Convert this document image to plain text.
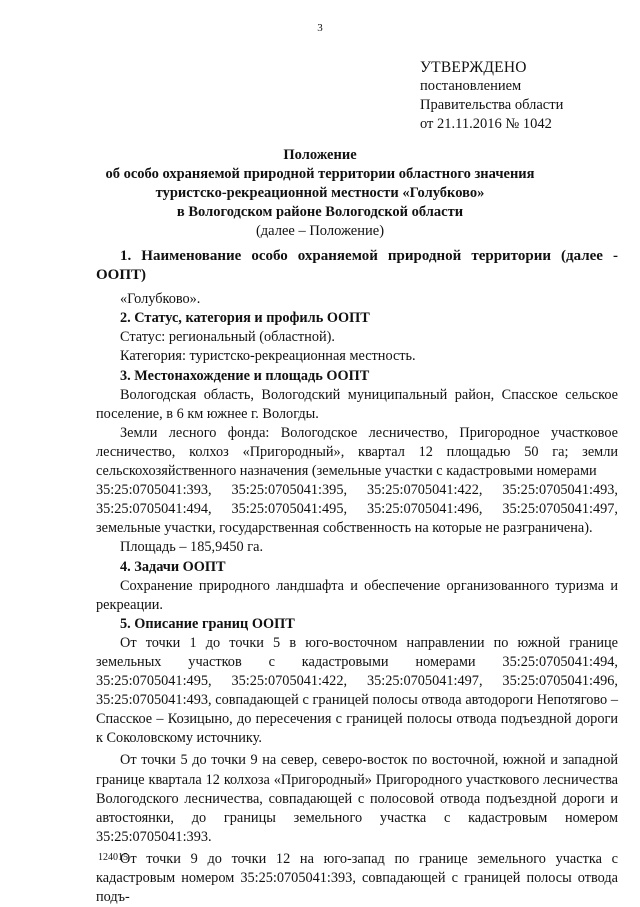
3
УТВЕРЖДЕНО
постановлением
Правительства области
от 21.11.2016 № 1042
Положение
об особо охраняемой природной территории областного значения
туристско-рекреационной местности «Голубково»
в Вологодском районе Вологодской области
(далее – Положение)

1. Наименование особо охраняемой природной территории (далее - ООПТ)

«Голубково».

2. Статус, категория и профиль ООПТ

Статус: региональный (областной).

Категория: туристско-рекреационная местность.

3. Местонахождение и площадь ООПТ

Вологодская область, Вологодский муниципальный район, Спасское сельское поселение, в 6 км южнее г. Вологды.

Земли лесного фонда: Вологодское лесничество, Пригородное участковое лесничество, колхоз «Пригородный», квартал 12 площадью 50 га; земли сельскохозяйственного назначения (земельные участки с кадастровыми номерами

35:25:0705041:393, 35:25:0705041:395, 35:25:0705041:422, 35:25:0705041:493,
35:25:0705041:494, 35:25:0705041:495, 35:25:0705041:496, 35:25:0705041:497,

земельные участки, государственная собственность на которые не разграничена).

Площадь – 185,9450 га.

4. Задачи ООПТ

Сохранение природного ландшафта и обеспечение организованного туризма и рекреации.

5. Описание границ ООПТ

От точки 1 до точки 5 в юго-восточном направлении по южной границе земельных участков с кадастровыми номерами 35:25:0705041:494, 35:25:0705041:495, 35:25:0705041:422, 35:25:0705041:497, 35:25:0705041:496, 35:25:0705041:493, совпадающей с границей полосы отвода автодороги Непотягово – Спасское – Козицыно, до пересечения с границей полосы отвода подъездной дороги к Соколовскому источнику.

От точки 5 до точки 9 на север, северо-восток по восточной, южной и западной границе квартала 12 колхоза «Пригородный» Пригородного участкового лесничества Вологодского лесничества, совпадающей с полосовой отвода подъездной дороги и автостоянки, до границы земельного участка с кадастровым номером 35:25:0705041:393.

От точки 9 до точки 12 на юго-запад по границе земельного участка с кадастровым номером 35:25:0705041:393, совпадающей с границей полосы отвода подъ-

124015
